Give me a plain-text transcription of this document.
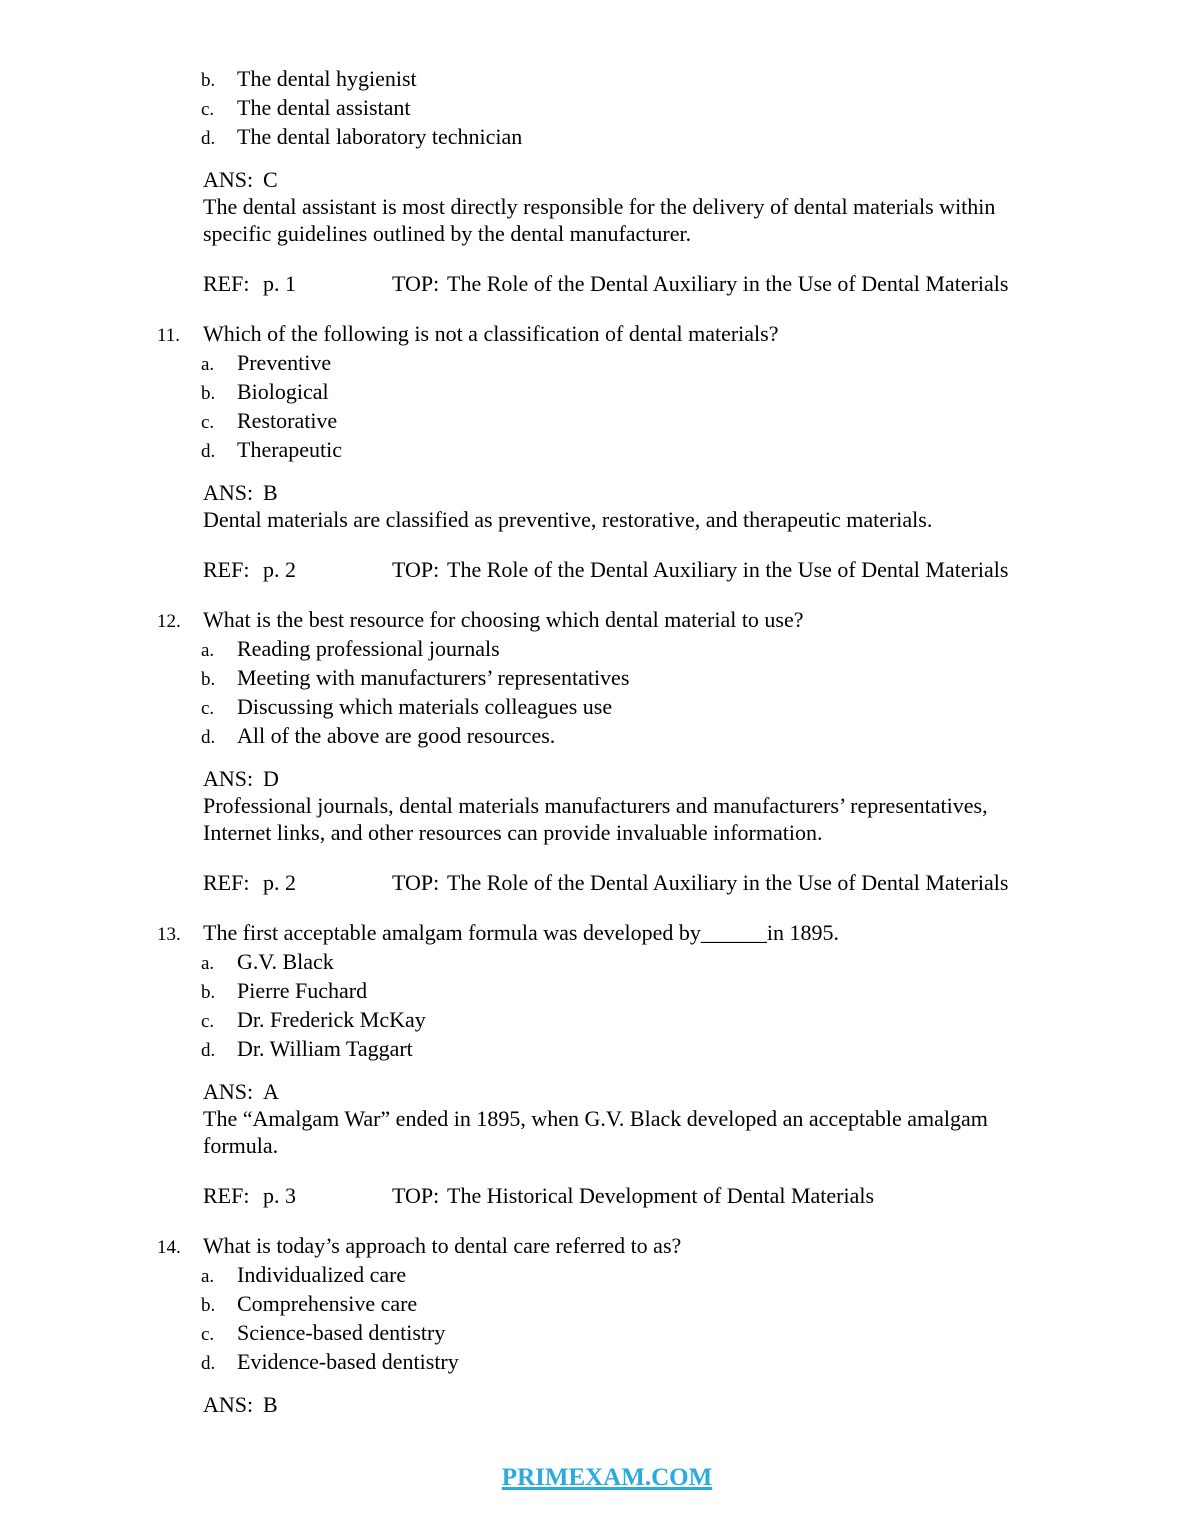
b. The dental hygienist
c.	The dental assistant
d. The dental laboratory technician
ANS: C
The dental assistant is most directly responsible for the delivery of dental materials within specific guidelines outlined by the dental manufacturer.
REF: p. 1	TOP: The Role of the Dental Auxiliary in the Use of Dental Materials
11.	Which of the following is not a classification of dental materials?
a.	Preventive
b. Biological
c.	Restorative
d. Therapeutic
ANS: B
Dental materials are classified as preventive, restorative, and therapeutic materials.
REF: p. 2	TOP: The Role of the Dental Auxiliary in the Use of Dental Materials
12.	What is the best resource for choosing which dental material to use?
a.	Reading professional journals
b. Meeting with manufacturers’ representatives
c.	Discussing which materials colleagues use
d. All of the above are good resources.
ANS: D
Professional journals, dental materials manufacturers and manufacturers’ representatives, Internet links, and other resources can provide invaluable information.
REF: p. 2	TOP: The Role of the Dental Auxiliary in the Use of Dental Materials
13.	The first acceptable amalgam formula was developed by______in 1895.
a.	G.V. Black
b. Pierre Fuchard
c.	Dr. Frederick McKay
d. Dr. William Taggart
ANS: A
The “Amalgam War” ended in 1895, when G.V. Black developed an acceptable amalgam formula.
REF: p. 3	TOP: The Historical Development of Dental Materials
14.	What is today’s approach to dental care referred to as?
a.	Individualized care
b. Comprehensive care
c.	Science-based dentistry
d. Evidence-based dentistry
ANS: B
PRIMEXAM.COM
